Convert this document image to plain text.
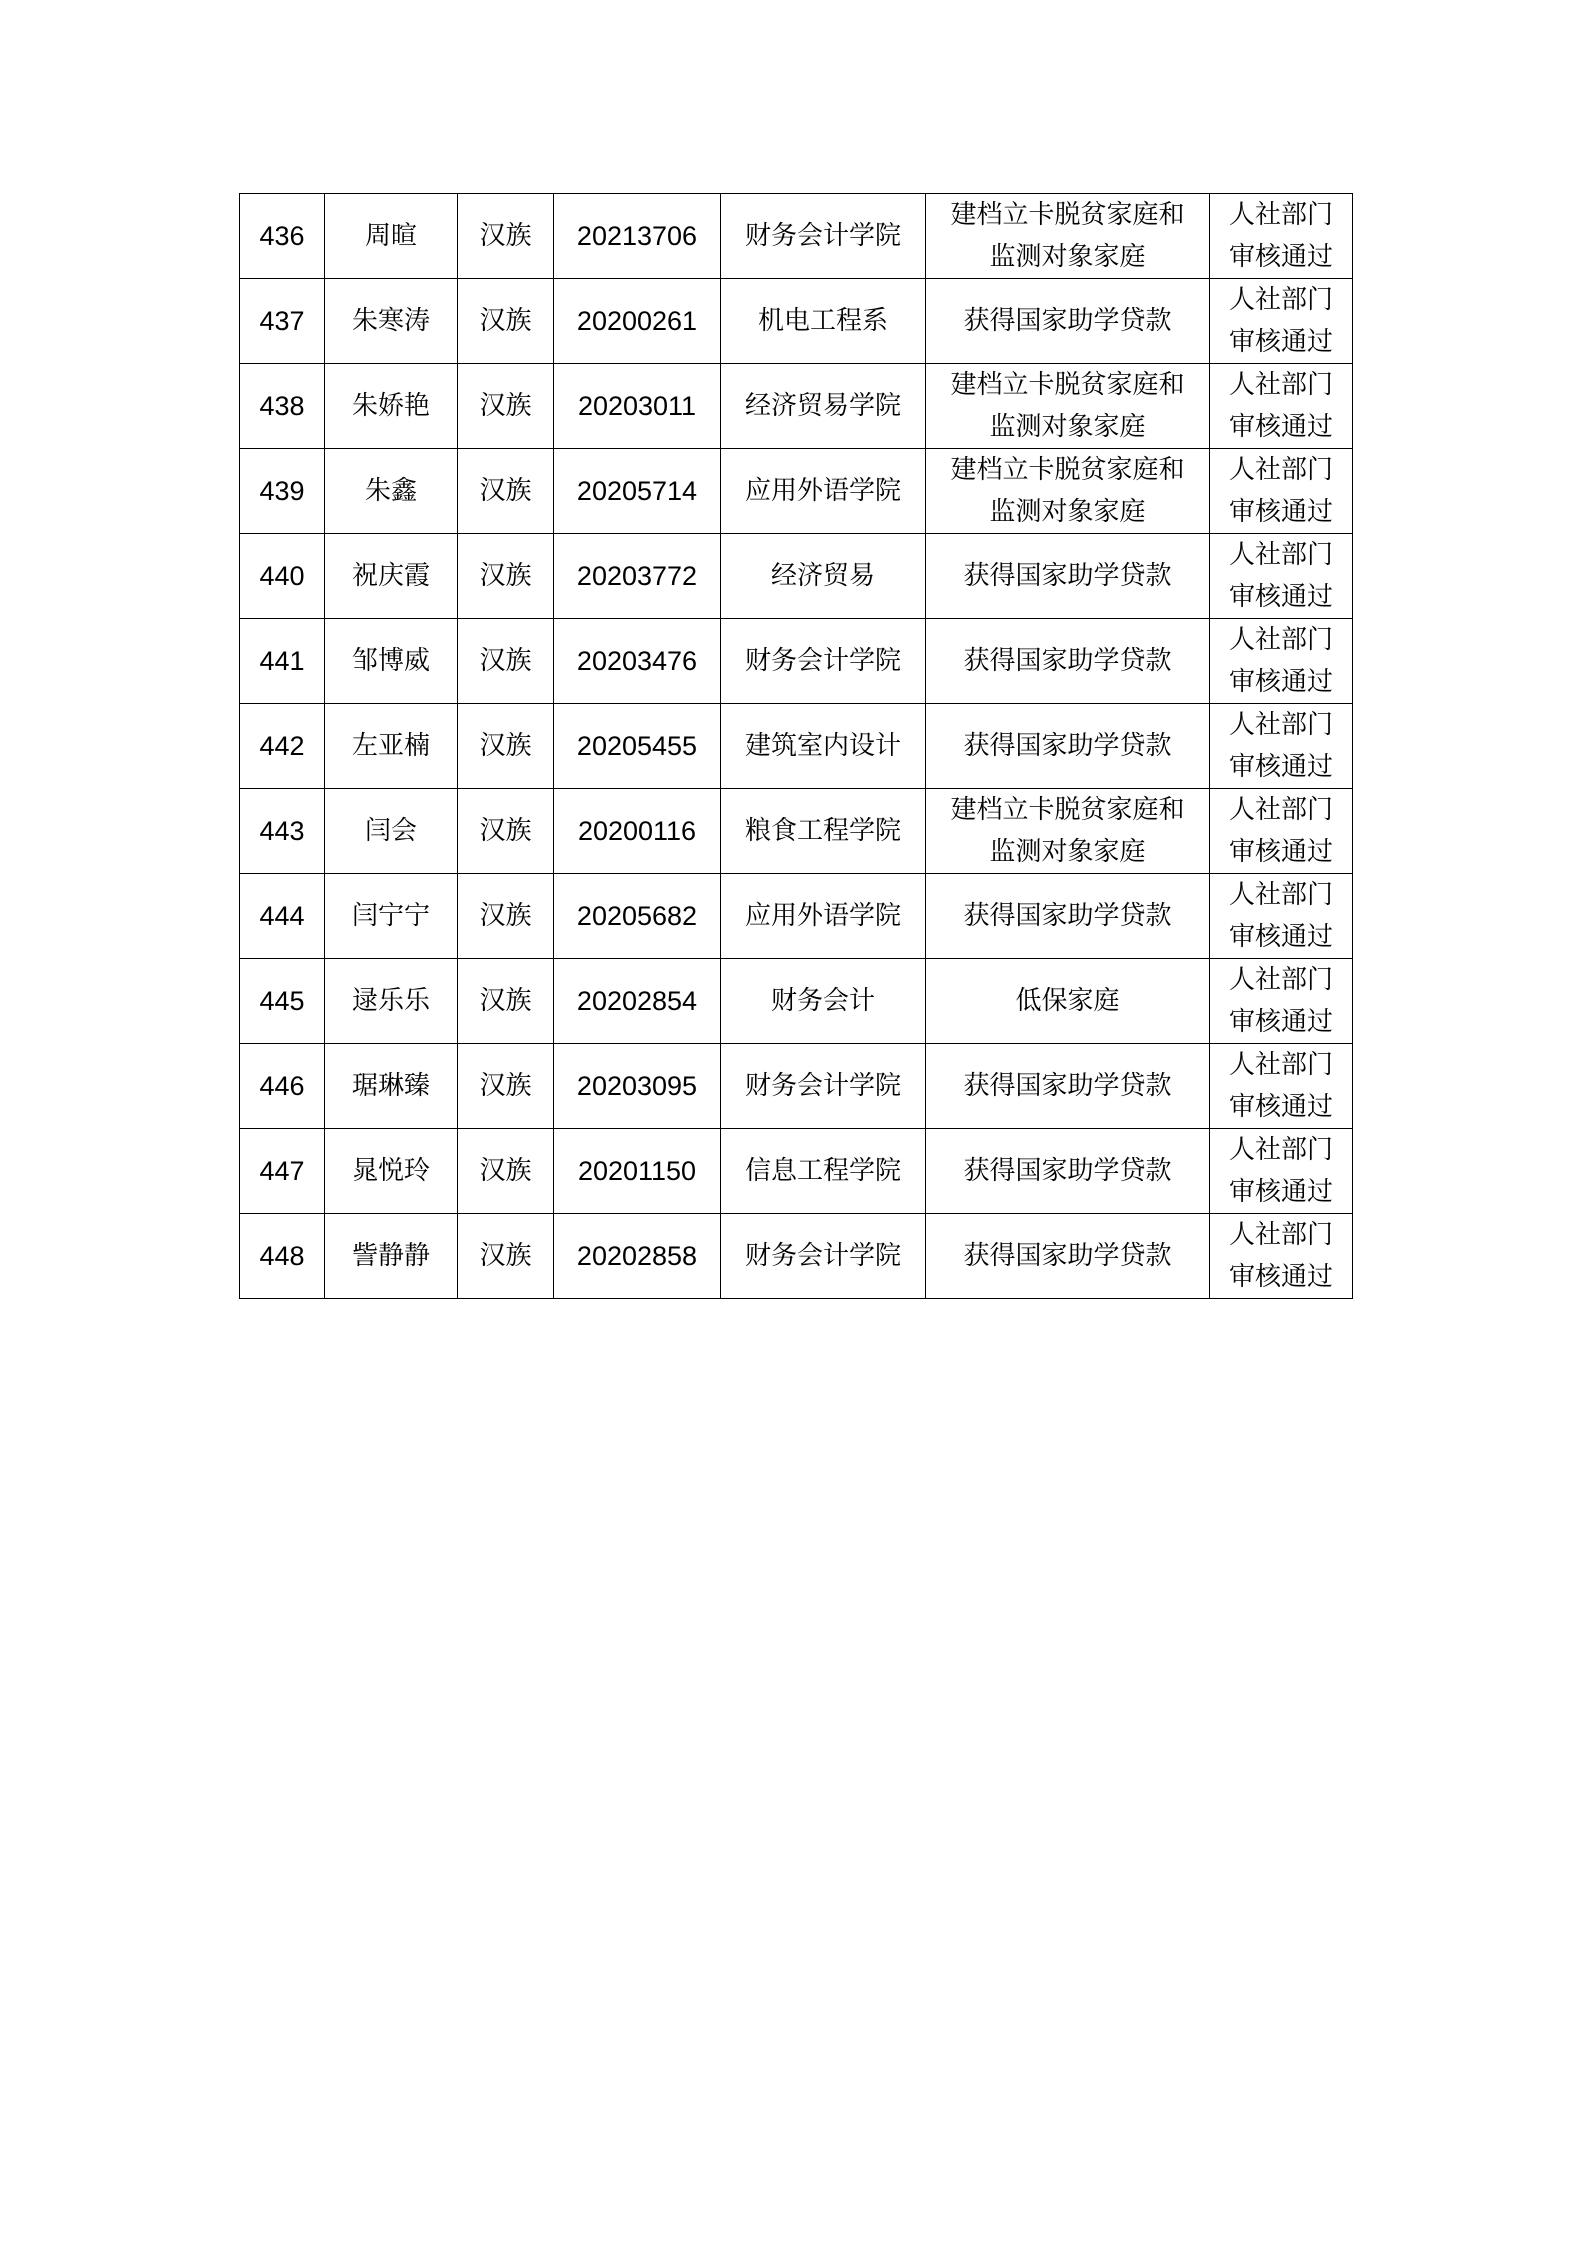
436	周暄	汉族	20213706	财务会计学院	建档立卡脱贫家庭和
监测对象家庭	人社部门
审核通过

437	朱寒涛	汉族	20200261	机电工程系	获得国家助学贷款	人社部门
审核通过

438	朱娇艳	汉族	20203011	经济贸易学院	建档立卡脱贫家庭和
监测对象家庭	人社部门
审核通过

439	朱鑫	汉族	20205714	应用外语学院	建档立卡脱贫家庭和
监测对象家庭	人社部门
审核通过

440	祝庆霞	汉族	20203772	经济贸易	获得国家助学贷款	人社部门
审核通过

441	邹博威	汉族	20203476	财务会计学院	获得国家助学贷款	人社部门
审核通过

442	左亚楠	汉族	20205455	建筑室内设计	获得国家助学贷款	人社部门
审核通过

443	闫会	汉族	20200116	粮食工程学院	建档立卡脱贫家庭和
监测对象家庭	人社部门
审核通过

444	闫宁宁	汉族	20205682	应用外语学院	获得国家助学贷款	人社部门
审核通过

445	逯乐乐	汉族	20202854	财务会计	低保家庭	人社部门
审核通过

446	琚琳臻	汉族	20203095	财务会计学院	获得国家助学贷款	人社部门
审核通过

447	晁悦玲	汉族	20201150	信息工程学院	获得国家助学贷款	人社部门
审核通过

448	訾静静	汉族	20202858	财务会计学院	获得国家助学贷款	人社部门
审核通过
